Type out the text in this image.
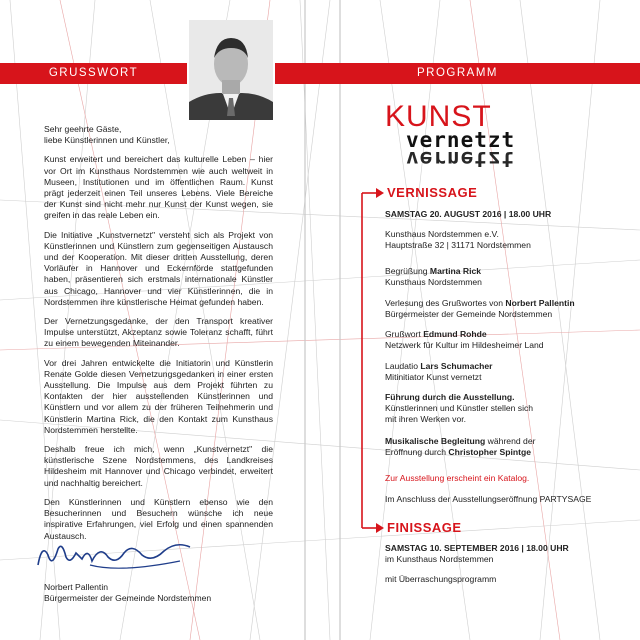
GRUSSWORT	PROGRAMM
Sehr geehrte Gäste,
liebe Künstlerinnen und Künstler,

Kunst erweitert und bereichert das kulturelle Leben – hier vor Ort im Kunsthaus Nordstemmen wie auch weltweit in Museen, Institutionen und im öffentlichen Raum. Kunst prägt jederzeit einen Teil unseres Lebens. Viele Bereiche der Kunst sind nicht mehr nur Kunst der Kunst wegen, sie greifen in das reale Leben ein.

Die Initiative „Kunstvernetzt" versteht sich als Projekt von Künstlerinnen und Künstlern zum gegenseitigen Austausch und der Kooperation. Mit dieser dritten Ausstellung, deren Vorläufer in Hannover und Eckernförde stattgefunden haben, präsentieren sich erstmals internationale Künstler aus Chicago, Hannover und vier Künstlerinnen, die in Nordstemmen ihre künstlerische Heimat gefunden haben.

Der Vernetzungsgedanke, der den Transport kreativer Impulse unterstützt, Akzeptanz sowie Toleranz schafft, führt zu einem bewegenden Miteinander.

Vor drei Jahren entwickelte die Initiatorin und Künstlerin Renate Golde diesen Vernetzungsgedanken in einer ersten Ausstellung. Die Impulse aus dem Projekt führten zu Kontakten der hier ausstellenden Künstlerinnen und Künstlern und vor allem zu der früheren Teilnehmerin und Künstlerin Martina Rick, die den Kontakt zum Kunsthaus Nordstemmen herstellte.

Deshalb freue ich mich, wenn „Kunstvernetzt" die künstlerische Szene Nordstemmens, des Landkreises Hildesheim mit Hannover und Chicago verbindet, erweitert und nachhaltig bereichert.

Den Künstlerinnen und Künstlern ebenso wie den Besucherinnen und Besuchern wünsche ich neue inspirative Erfahrungen, viel Erfolg und einen spannenden Austausch.

Norbert Pallentin
Bürgermeister der Gemeinde Nordstemmen
KUNST
vernetzt
vernetzt
VERNISSAGE

SAMSTAG 20. AUGUST 2016 | 18.00 UHR

Kunsthaus Nordstemmen e.V.

Hauptstraße 32 | 31171 Nordstemmen

Begrüßung Martina Rick

Kunsthaus Nordstemmen

Verlesung des Grußwortes von Norbert Pallentin

Bürgermeister der Gemeinde Nordstemmen

Grußwort Edmund Rohde

Netzwerk für Kultur im Hildesheimer Land

Laudatio Lars Schumacher

Mitinitiator Kunst vernetzt

Führung durch die Ausstellung.

Künstlerinnen und Künstler stellen sich

mit ihren Werken vor.

Musikalische Begleitung während der

Eröffnung durch Christopher Spintge

Zur Ausstellung erscheint ein Katalog.

Im Anschluss der Ausstellungseröffnung PARTYSAGE

FINISSAGE

SAMSTAG 10. SEPTEMBER 2016 | 18.00 UHR

im Kunsthaus Nordstemmen

mit Überraschungsprogramm
